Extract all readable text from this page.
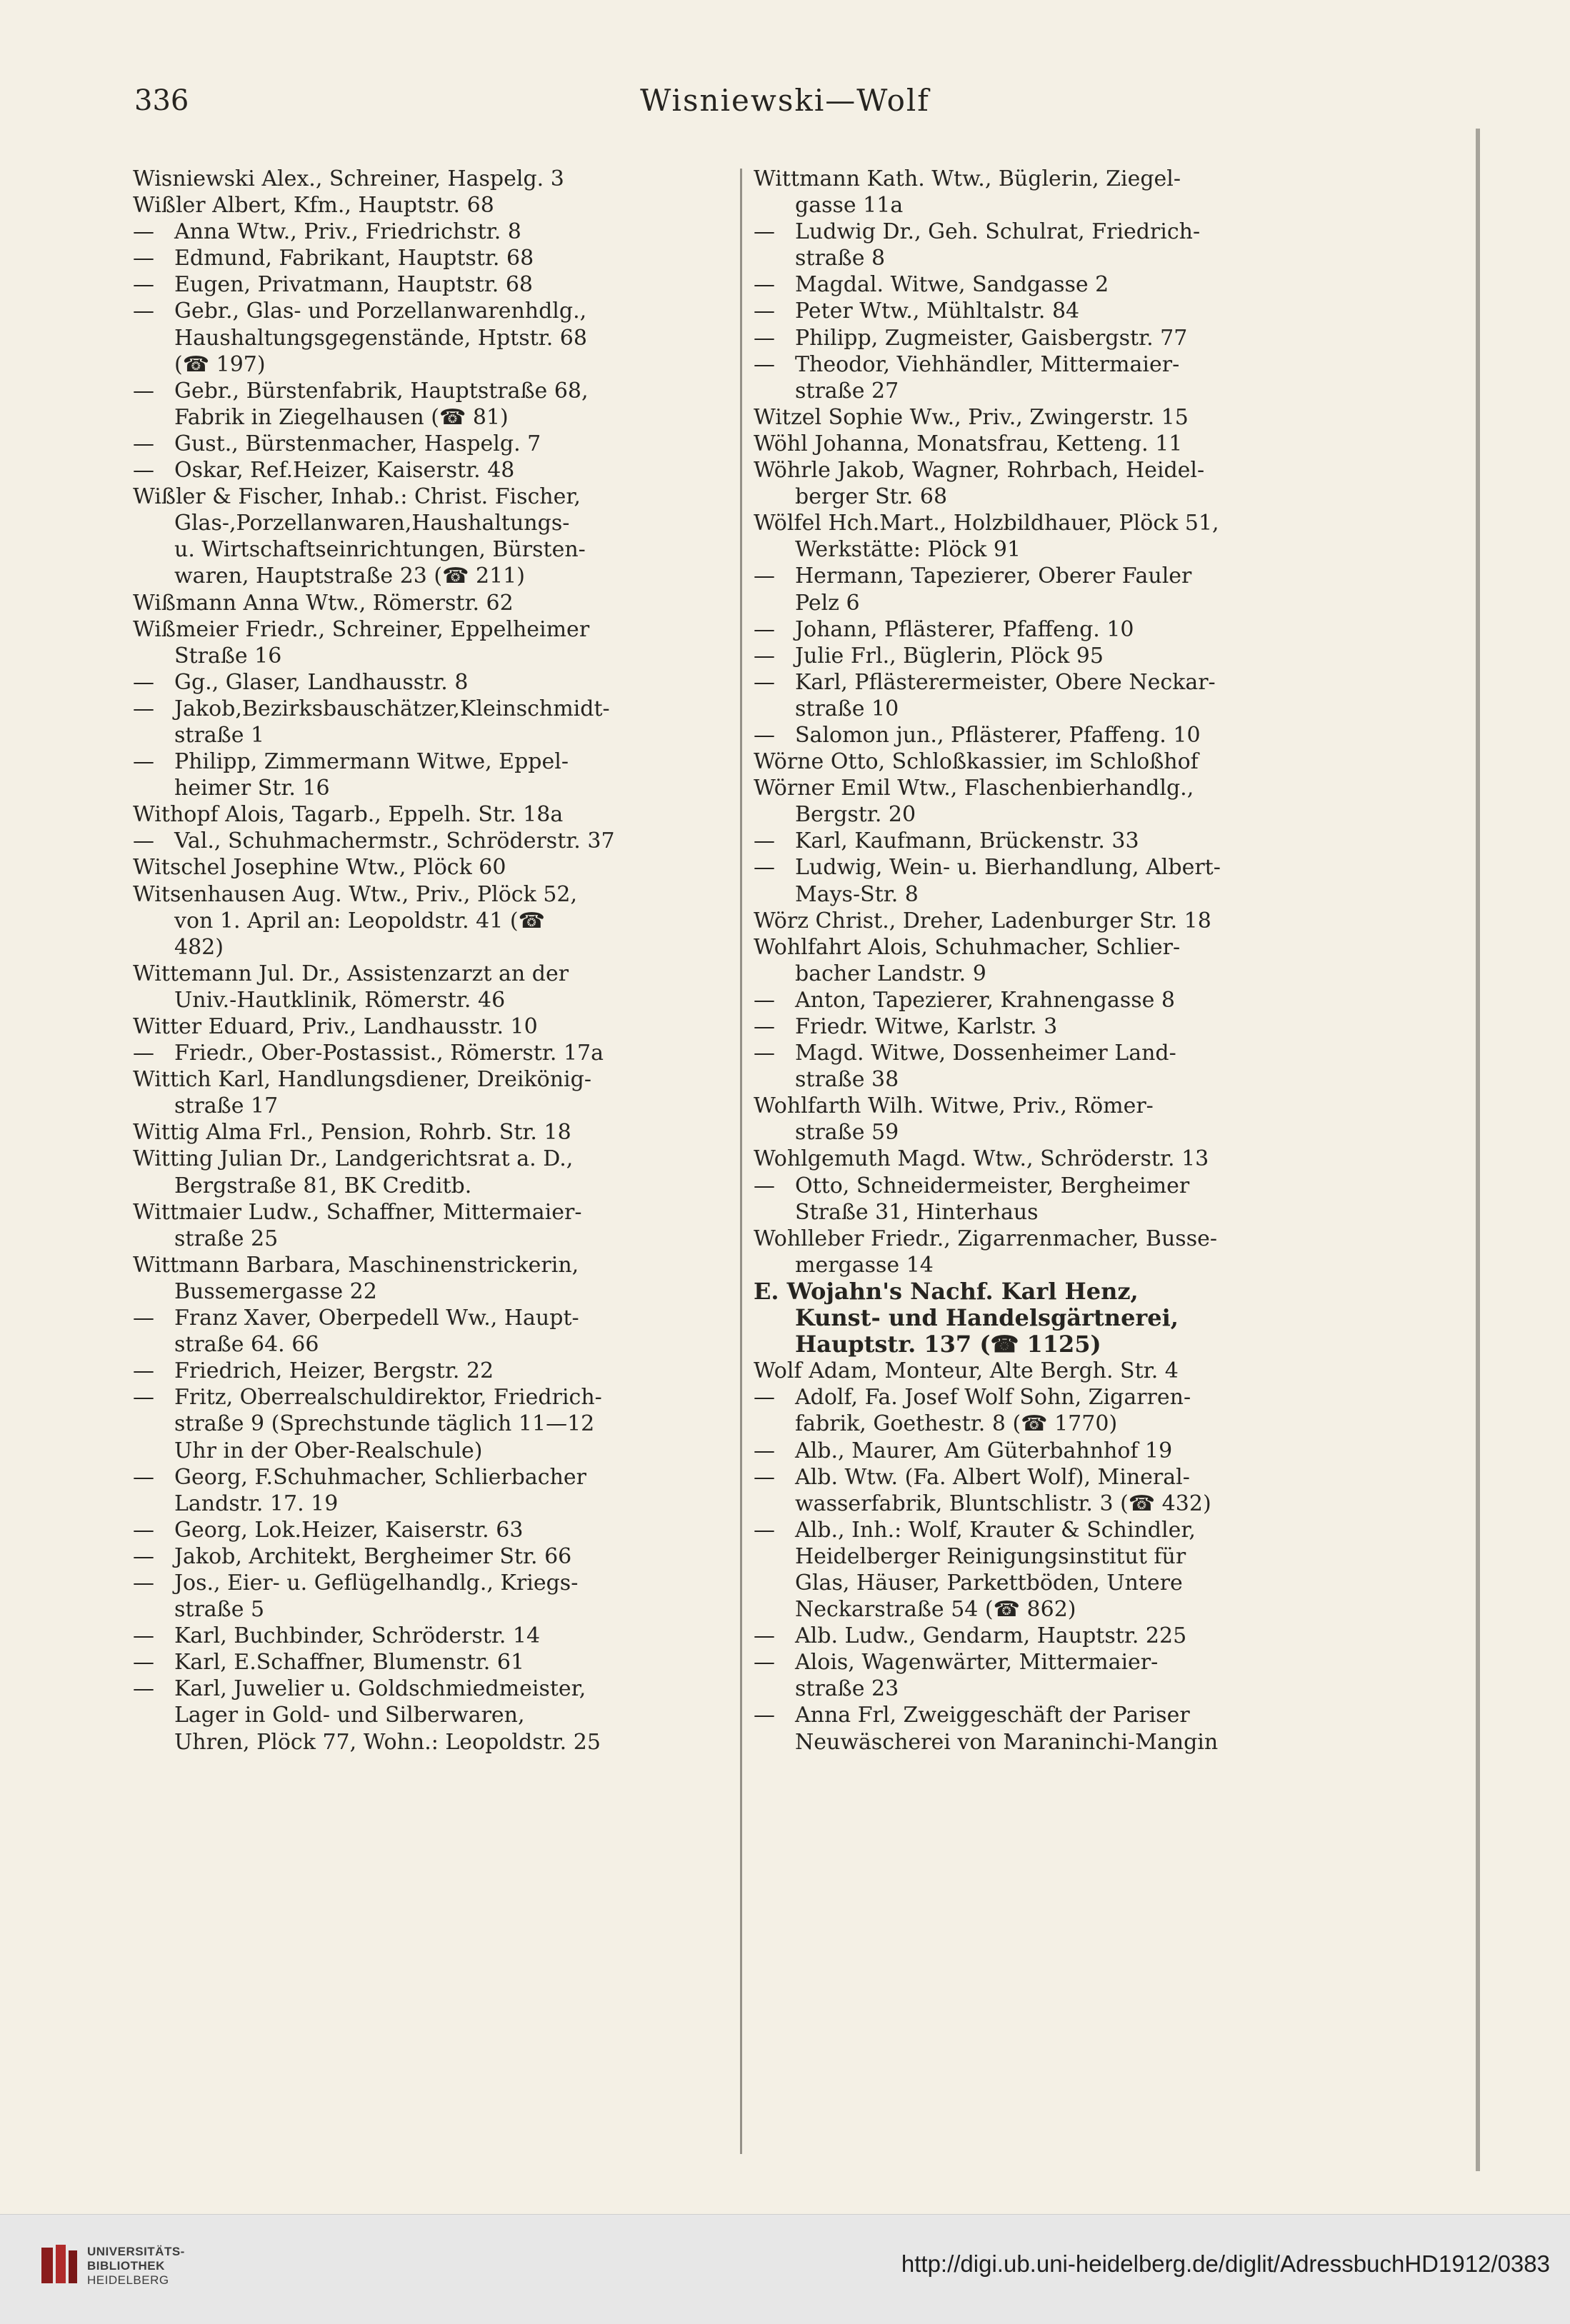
336	Wisniewski—Wolf
Wisniewski Alex., Schreiner, Haspelg. 3
Wißler Albert, Kfm., Hauptstr. 68
— Anna Wtw., Priv., Friedrichstr. 8
— Edmund, Fabrikant, Hauptstr. 68
— Eugen, Privatmann, Hauptstr. 68
— Gebr., Glas- und Porzellanwarenhdlg.,
Haushaltungsgegenstände, Hptstr. 68
(☎ 197)
— Gebr., Bürstenfabrik, Hauptstraße 68,
Fabrik in Ziegelhausen (☎ 81)
— Gust., Bürstenmacher, Haspelg. 7
— Oskar, Ref.Heizer, Kaiserstr. 48
Wißler & Fischer, Inhab.: Christ. Fischer,
Glas-,Porzellanwaren,Haushaltungs-
u. Wirtschaftseinrichtungen, Bürsten-
waren, Hauptstraße 23 (☎ 211)
Wißmann Anna Wtw., Römerstr. 62
Wißmeier Friedr., Schreiner, Eppelheimer
Straße 16
— Gg., Glaser, Landhausstr. 8
— Jakob,Bezirksbauschätzer,Kleinschmidt-
straße 1
— Philipp, Zimmermann Witwe, Eppel-
heimer Str. 16
Withopf Alois, Tagarb., Eppelh. Str. 18a
— Val., Schuhmachermstr., Schröderstr. 37
Witschel Josephine Wtw., Plöck 60
Witsenhausen Aug. Wtw., Priv., Plöck 52,
von 1. April an: Leopoldstr. 41 (☎
482)
Wittemann Jul. Dr., Assistenzarzt an der
Univ.-Hautklinik, Römerstr. 46
Witter Eduard, Priv., Landhausstr. 10
— Friedr., Ober-Postassist., Römerstr. 17a
Wittich Karl, Handlungsdiener, Dreikönig-
straße 17
Wittig Alma Frl., Pension, Rohrb. Str. 18
Witting Julian Dr., Landgerichtsrat a. D.,
Bergstraße 81, BK Creditb.
Wittmaier Ludw., Schaffner, Mittermaier-
straße 25
Wittmann Barbara, Maschinenstrickerin,
Bussemergasse 22
— Franz Xaver, Oberpedell Ww., Haupt-
straße 64. 66
— Friedrich, Heizer, Bergstr. 22
— Fritz, Oberrealschuldirektor, Friedrich-
straße 9 (Sprechstunde täglich 11—12
Uhr in der Ober-Realschule)
— Georg, F.Schuhmacher, Schlierbacher
Landstr. 17. 19
— Georg, Lok.Heizer, Kaiserstr. 63
— Jakob, Architekt, Bergheimer Str. 66
— Jos., Eier- u. Geflügelhandlg., Kriegs-
straße 5
— Karl, Buchbinder, Schröderstr. 14
— Karl, E.Schaffner, Blumenstr. 61
— Karl, Juwelier u. Goldschmiedmeister,
Lager in Gold- und Silberwaren,
Uhren, Plöck 77, Wohn.: Leopoldstr. 25
Wittmann Kath. Wtw., Büglerin, Ziegel-
gasse 11a
— Ludwig Dr., Geh. Schulrat, Friedrich-
straße 8
— Magdal. Witwe, Sandgasse 2
— Peter Wtw., Mühltalstr. 84
— Philipp, Zugmeister, Gaisbergstr. 77
— Theodor, Viehhändler, Mittermaier-
straße 27
Witzel Sophie Ww., Priv., Zwingerstr. 15
Wöhl Johanna, Monatsfrau, Ketteng. 11
Wöhrle Jakob, Wagner, Rohrbach, Heidel-
berger Str. 68
Wölfel Hch.Mart., Holzbildhauer, Plöck 51,
Werkstätte: Plöck 91
— Hermann, Tapezierer, Oberer Fauler
Pelz 6
— Johann, Pflästerer, Pfaffeng. 10
— Julie Frl., Büglerin, Plöck 95
— Karl, Pflästerermeister, Obere Neckar-
straße 10
— Salomon jun., Pflästerer, Pfaffeng. 10
Wörne Otto, Schloßkassier, im Schloßhof
Wörner Emil Wtw., Flaschenbierhandlg.,
Bergstr. 20
— Karl, Kaufmann, Brückenstr. 33
— Ludwig, Wein- u. Bierhandlung, Albert-
Mays-Str. 8
Wörz Christ., Dreher, Ladenburger Str. 18
Wohlfahrt Alois, Schuhmacher, Schlier-
bacher Landstr. 9
— Anton, Tapezierer, Krahnengasse 8
— Friedr. Witwe, Karlstr. 3
— Magd. Witwe, Dossenheimer Land-
straße 38
Wohlfarth Wilh. Witwe, Priv., Römer-
straße 59
Wohlgemuth Magd. Wtw., Schröderstr. 13
— Otto, Schneidermeister, Bergheimer
Straße 31, Hinterhaus
Wohlleber Friedr., Zigarrenmacher, Busse-
mergasse 14
E. Wojahn's Nachf. Karl Henz,
Kunst- und Handelsgärtnerei,
Hauptstr. 137 (☎ 1125)
Wolf Adam, Monteur, Alte Bergh. Str. 4
— Adolf, Fa. Josef Wolf Sohn, Zigarren-
fabrik, Goethestr. 8 (☎ 1770)
— Alb., Maurer, Am Güterbahnhof 19
— Alb. Wtw. (Fa. Albert Wolf), Mineral-
wasserfabrik, Bluntschlistr. 3 (☎ 432)
— Alb., Inh.: Wolf, Krauter & Schindler,
Heidelberger Reinigungsinstitut für
Glas, Häuser, Parkettböden, Untere
Neckarstraße 54 (☎ 862)
— Alb. Ludw., Gendarm, Hauptstr. 225
— Alois, Wagenwärter, Mittermaier-
straße 23
— Anna Frl, Zweiggeschäft der Pariser
Neuwäscherei von Maraninchi-Mangin
UNIVERSITÄTS-
BIBLIOTHEK
HEIDELBERG
http://digi.ub.uni-heidelberg.de/diglit/AdressbuchHD1912/0383
